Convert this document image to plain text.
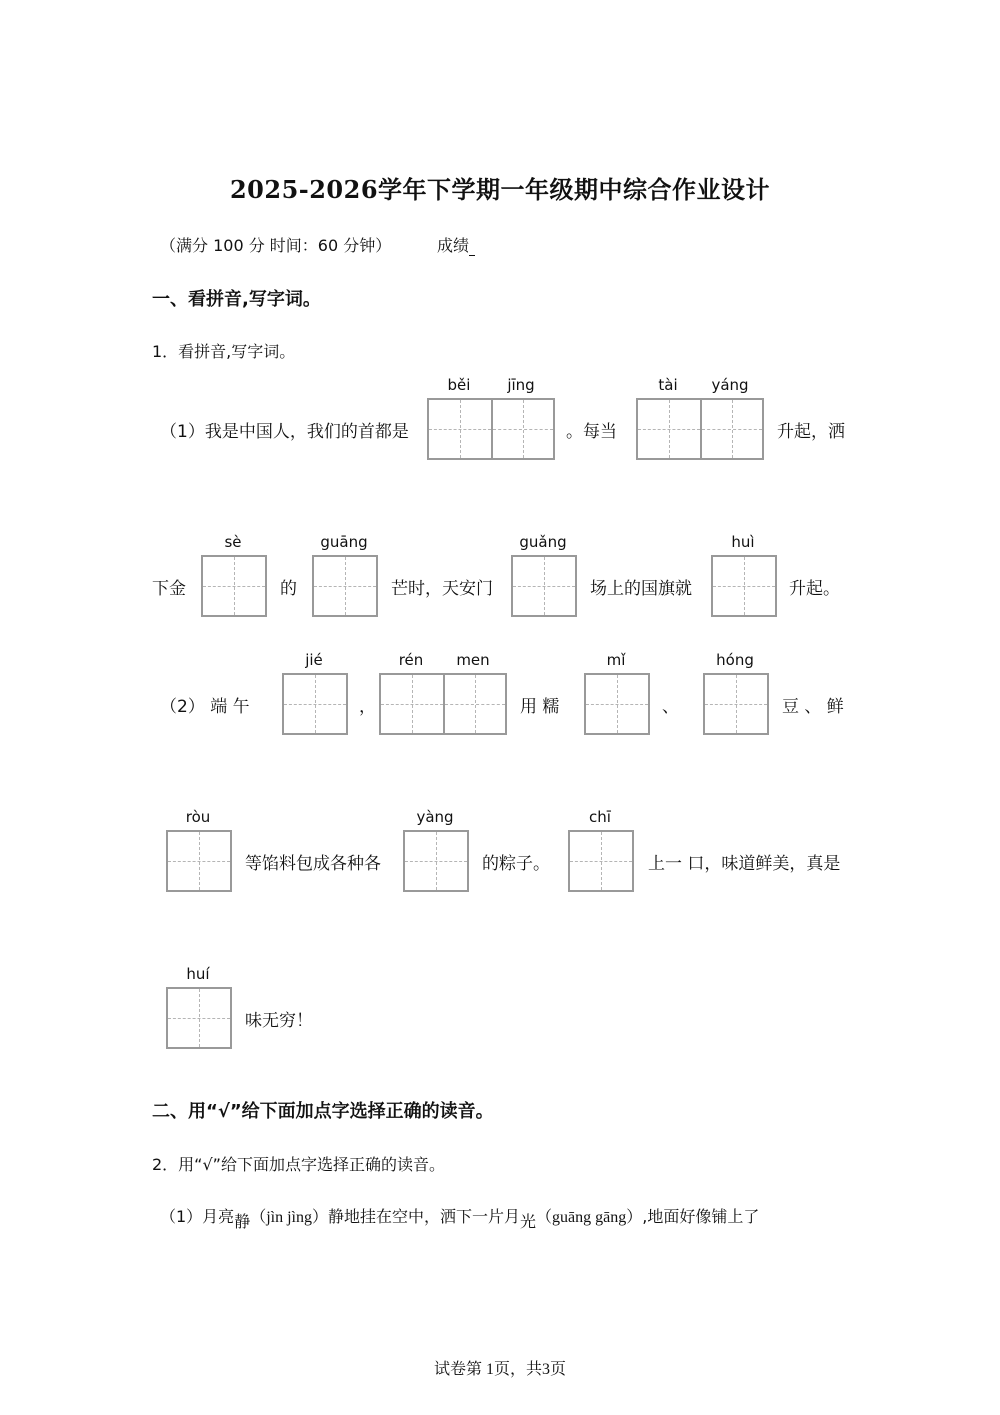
2025-2026学年下学期一年级期中综合作业设计
（满分 100 分 时间：60 分钟）	成绩
一、看拼音,写字词。
1．看拼音,写字词。
（1）我是中国人，我们的首都是
běi	jīng
。每当
tài	yáng
升起，洒
下金
sè
的
guāng
芒时，天安门
guǎng
场上的国旗就
huì
升起。
（2） 端 午
jié
，
rén	men
用 糯
mǐ
、
hóng
豆 、 鲜
ròu
等馅料包成各种各
yàng
的粽子。
chī
上一 口，味道鲜美，真是
huí
味无穷！
二、用“√”给下面加点字选择正确的读音。
2．用“√”给下面加点字选择正确的读音。
（1）月亮静（jìn jìng）静地挂在空中，洒下一片月光（guāng gāng）,地面好像铺上了
试卷第 1页，共3页
